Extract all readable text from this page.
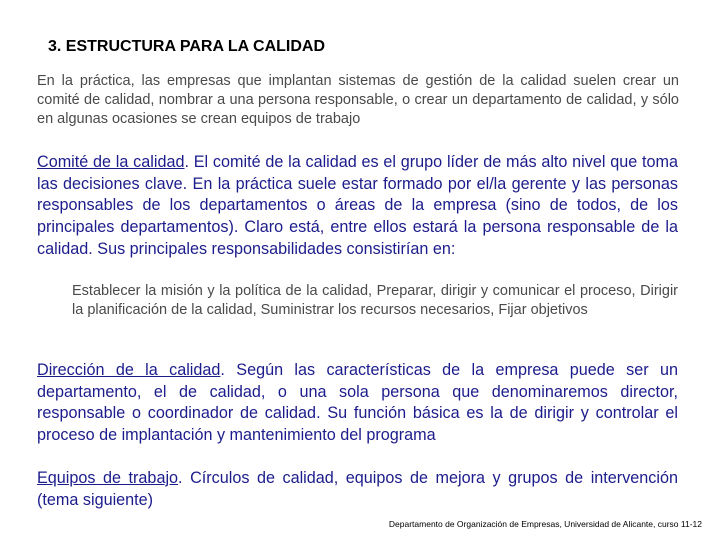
3. ESTRUCTURA PARA LA CALIDAD
En la práctica, las empresas que implantan sistemas de gestión de la calidad suelen crear un comité de calidad, nombrar a una persona responsable, o crear un departamento de calidad, y sólo en algunas ocasiones se crean equipos de trabajo
Comité de la calidad. El comité de la calidad es el grupo líder de más alto nivel que toma las decisiones clave. En la práctica suele estar formado por el/la gerente y las personas responsables de los departamentos o áreas de la empresa (sino de todos, de los principales departamentos). Claro está, entre ellos estará la persona responsable de la calidad. Sus principales responsabilidades consistirían en:
Establecer la misión y la política de la calidad, Preparar, dirigir y comunicar el proceso, Dirigir la planificación de la calidad, Suministrar los recursos necesarios, Fijar objetivos
Dirección de la calidad. Según las características de la empresa puede ser un departamento, el de calidad, o una sola persona que denominaremos director, responsable o coordinador de calidad. Su función básica es la de dirigir y controlar el proceso de implantación y mantenimiento del programa
Equipos de trabajo. Círculos de calidad, equipos de mejora y grupos de intervención (tema siguiente)
Departamento de Organización de Empresas, Universidad de Alicante, curso 11-12
